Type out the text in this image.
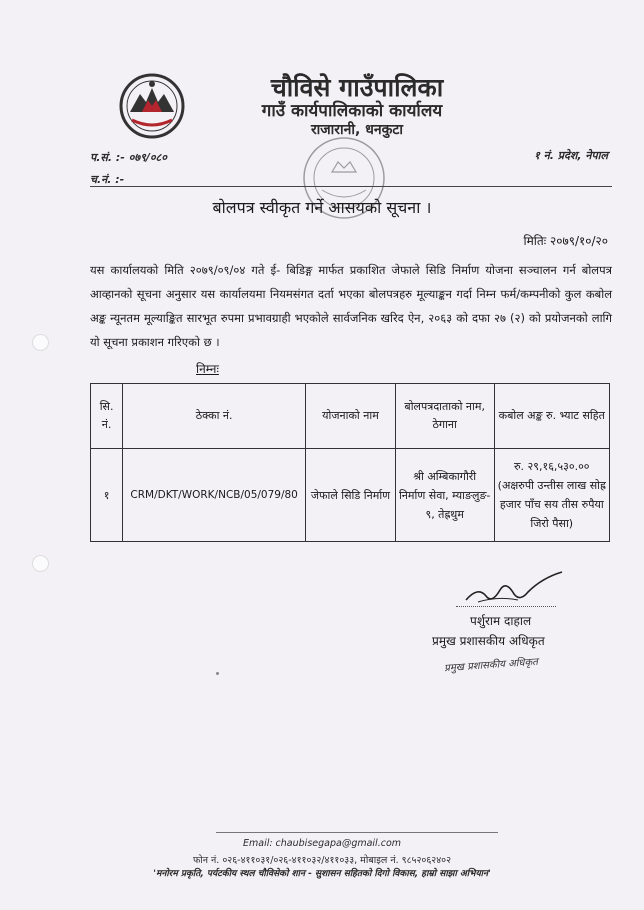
चौविसे गाउँपालिका
गाउँ कार्यपालिकाको कार्यालय
राजारानी, धनकुटा
प.सं. :- ०७९/०८०
च.नं. :-
१ नं. प्रदेश, नेपाल
बोलपत्र स्वीकृत गर्ने आसयको सूचना ।
मितिः २०७९/१०/२०
यस कार्यालयको मिति २०७९/०९/०४ गते ई- बिडिङ्ग मार्फत प्रकाशित जेफाले सिडि निर्माण योजना सञ्चालन गर्न बोलपत्र आव्हानको सूचना अनुसार यस कार्यालयमा नियमसंगत दर्ता भएका बोलपत्रहरु मूल्याङ्कन गर्दा निम्न फर्म/कम्पनीको कुल कबोल अङ्क न्यूनतम मूल्याङ्कित सारभूत रुपमा प्रभावग्राही भएकोले सार्वजनिक खरिद ऐन, २०६३ को दफा २७ (२) को प्रयोजनको लागि यो सूचना प्रकाशन गरिएको छ ।
निम्नः
सि. नं.	ठेक्का नं.	योजनाको नाम	बोलपत्रदाताको नाम, ठेगाना	कबोल अङ्क रु. भ्याट सहित
१	CRM/DKT/WORK/NCB/05/079/80	जेफाले सिडि निर्माण	श्री अम्बिकागौरी निर्माण सेवा, म्याङलुङ- ९, तेह्रथुम	रु. २९,१६,५३०.००
(अक्षरुपी उन्तीस लाख सोह्र हजार पाँच सय तीस रुपैया जिरो पैसा)
पर्शुराम दाहाल
प्रमुख प्रशासकीय अधिकृत
प्रमुख प्रशासकीय अधिकृत
Email: chaubisegapa@gmail.com
फोन नं. ०२६-४११०३१/०२६-४११०३२/४११०३३, मोबाइल नं. ९८५२०६२४०२
'मनोरम प्रकृति, पर्यटकीय स्थल चौविसेको शान - सुशासन सहितको दिगो विकास, हाम्रो साझा अभियान'
